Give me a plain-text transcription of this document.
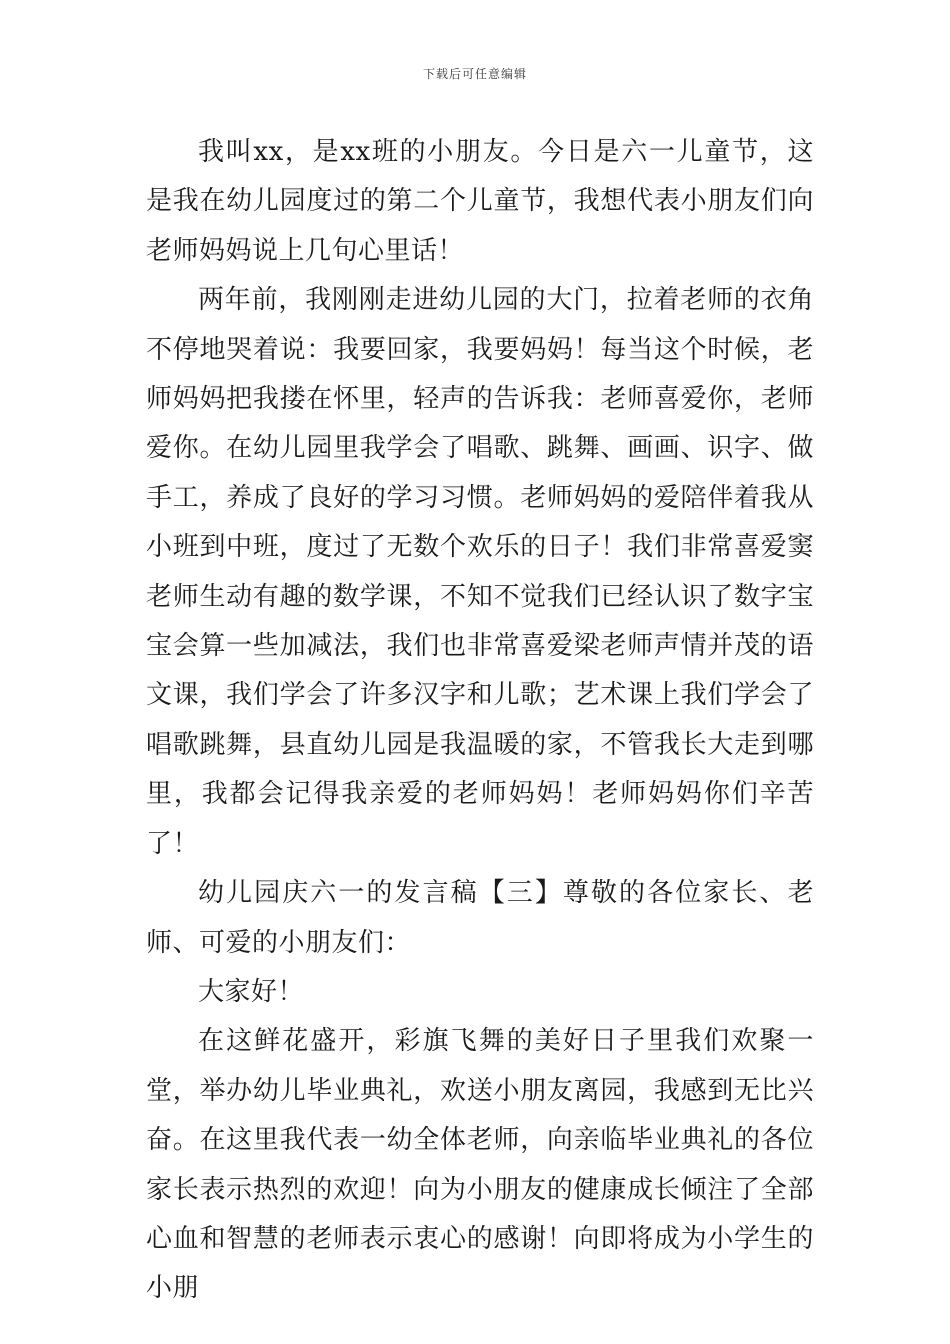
下载后可任意编辑

我叫xx，是xx班的小朋友。今日是六一儿童节，这是我在幼儿园度过的第二个儿童节，我想代表小朋友们向老师妈妈说上几句心里话！

两年前，我刚刚走进幼儿园的大门，拉着老师的衣角不停地哭着说：我要回家，我要妈妈！每当这个时候，老师妈妈把我搂在怀里，轻声的告诉我：老师喜爱你，老师爱你。在幼儿园里我学会了唱歌、跳舞、画画、识字、做手工，养成了良好的学习习惯。老师妈妈的爱陪伴着我从小班到中班，度过了无数个欢乐的日子！我们非常喜爱窦老师生动有趣的数学课，不知不觉我们已经认识了数字宝宝会算一些加减法，我们也非常喜爱梁老师声情并茂的语文课，我们学会了许多汉字和儿歌；艺术课上我们学会了唱歌跳舞，县直幼儿园是我温暖的家，不管我长大走到哪里，我都会记得我亲爱的老师妈妈！老师妈妈你们辛苦了！

幼儿园庆六一的发言稿【三】尊敬的各位家长、老师、可爱的小朋友们：

大家好！

在这鲜花盛开，彩旗飞舞的美好日子里我们欢聚一堂，举办幼儿毕业典礼，欢送小朋友离园，我感到无比兴奋。在这里我代表一幼全体老师，向亲临毕业典礼的各位家长表示热烈的欢迎！向为小朋友的健康成长倾注了全部心血和智慧的老师表示衷心的感谢！向即将成为小学生的小朋
